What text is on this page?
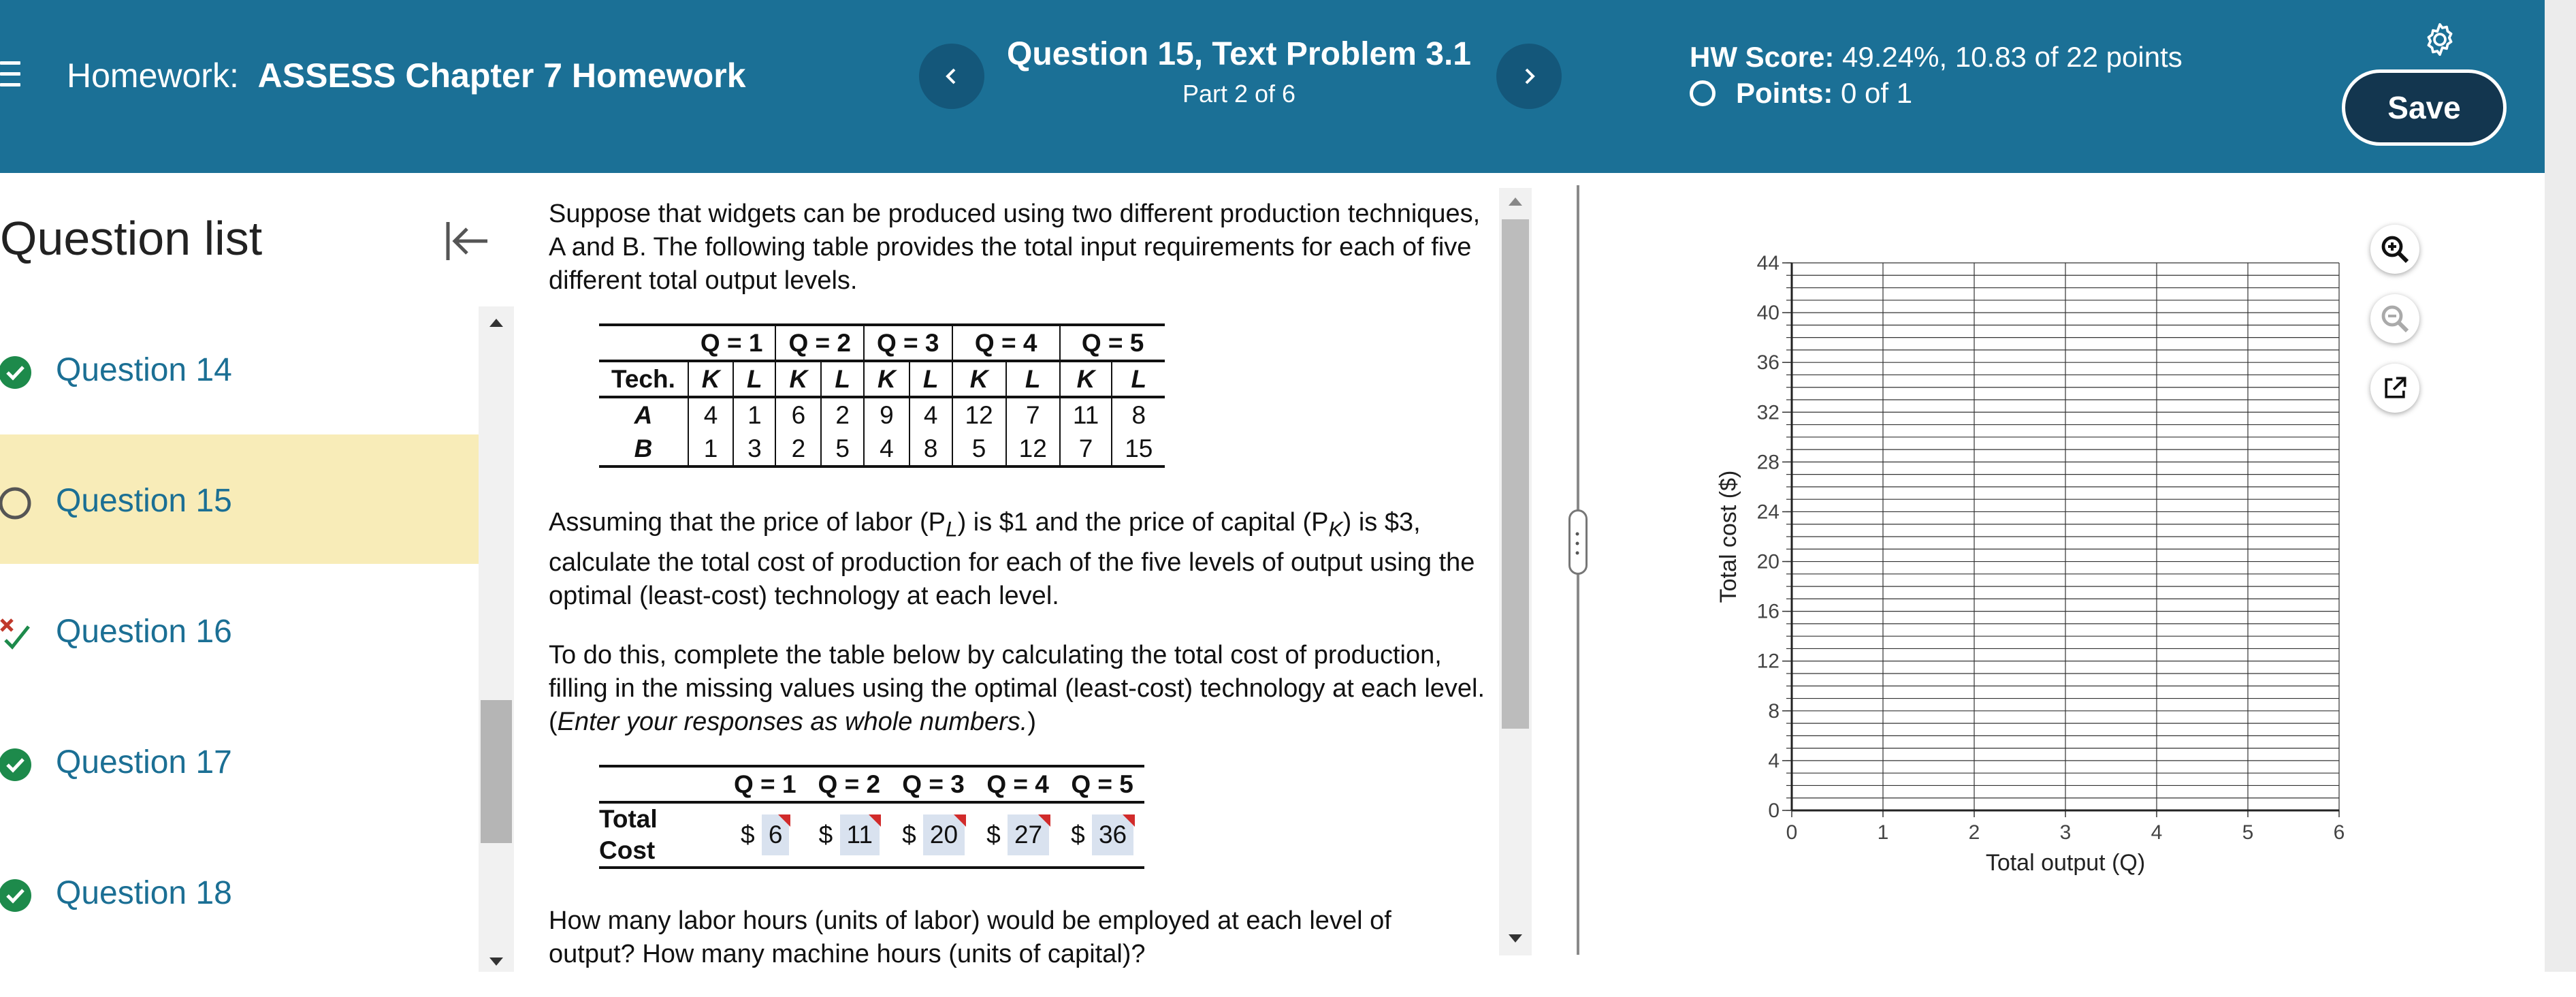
Homework: ASSESS Chapter 7 Homework
Question 15, Text Problem 3.1
Part 2 of 6
HW Score: 49.24%, 10.83 of 22 points
Points:
0 of 1	Save
Question list
Question 14
Question 15
Question 16
Question 17
Question 18

Suppose that widgets can be produced using two different production techniques, A and B. The following table provides the total input requirements for each of five different total output levels.

	Q = 1		Q = 2		Q = 3		Q = 4		Q = 5	
Tech.	K	L	K	L	K	L	K	L	K	L
A	4	1	6	2	9	4	12	7	11	8
B	1	3	2	5	4	8	5	12	7	15

Assuming that the price of labor $(P_L)$ is $1 and the price of capital $(P_K)$ is $3, calculate the total cost of production for each of the five levels of output using the optimal (least-cost) technology at each level.

To do this, complete the table below by calculating the total cost of production, filling in the missing values using the optimal (least-cost) technology at each level. (Enter your responses as whole numbers.)

	Q = 1	Q = 2	Q = 3	Q = 4	Q = 5
Total
Cost	$ 6	$ 11	$ 20	$ 27	$ 36

How many labor hours (units of labor) would be employed at each level of output? How many machine hours (units of capital)?

0	1	2	3	4	5	6
0
4
8
12
16
20
24
28
32
36
40
44
Total output (Q)
Total cost ($)
